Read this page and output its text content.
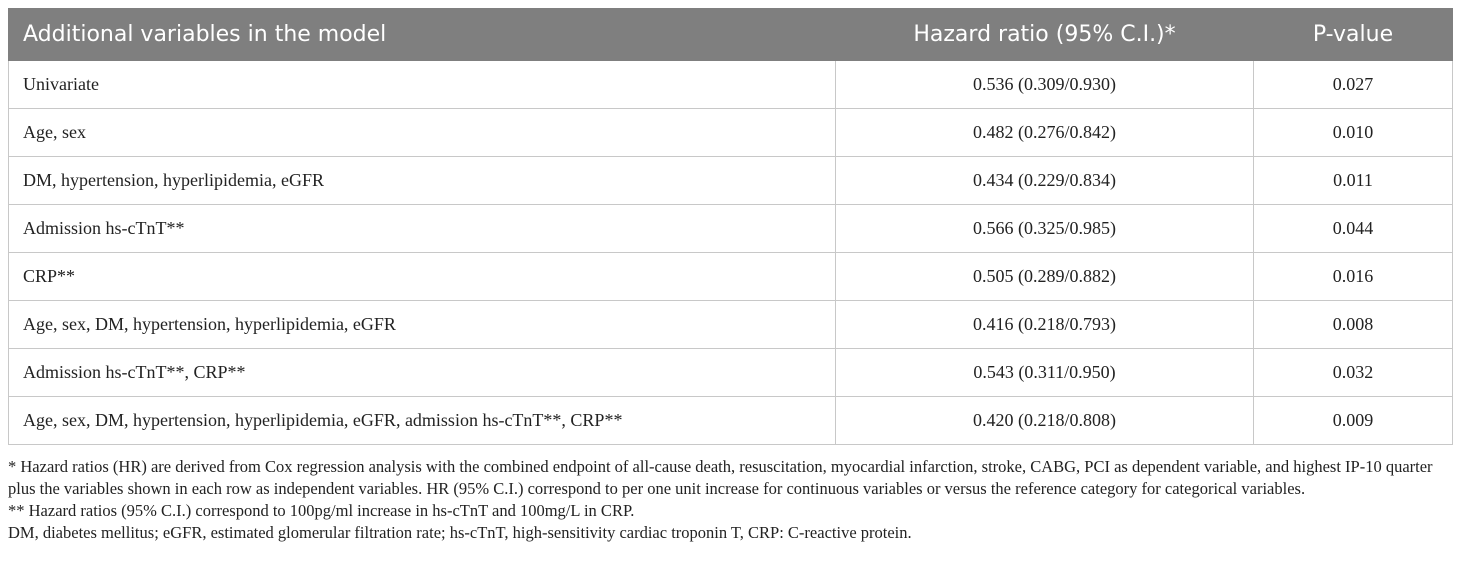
Additional variables in the model	Hazard ratio (95% C.I.)*	P-value
Univariate	0.536 (0.309/0.930)	0.027
Age, sex	0.482 (0.276/0.842)	0.010
DM, hypertension, hyperlipidemia, eGFR	0.434 (0.229/0.834)	0.011
Admission hs-cTnT**	0.566 (0.325/0.985)	0.044
CRP**	0.505 (0.289/0.882)	0.016
Age, sex, DM, hypertension, hyperlipidemia, eGFR	0.416 (0.218/0.793)	0.008
Admission hs-cTnT**, CRP**	0.543 (0.311/0.950)	0.032
Age, sex, DM, hypertension, hyperlipidemia, eGFR, admission hs-cTnT**, CRP**	0.420 (0.218/0.808)	0.009

* Hazard ratios (HR) are derived from Cox regression analysis with the combined endpoint of all-cause death, resuscitation, myocardial infarction, stroke, CABG, PCI as dependent variable, and highest IP-10 quarter plus the variables shown in each row as independent variables. HR (95% C.I.) correspond to per one unit increase for continuous variables or versus the reference category for categorical variables.

** Hazard ratios (95% C.I.) correspond to 100pg/ml increase in hs-cTnT and 100mg/L in CRP.

DM, diabetes mellitus; eGFR, estimated glomerular filtration rate; hs-cTnT, high-sensitivity cardiac troponin T, CRP: C-reactive protein.
